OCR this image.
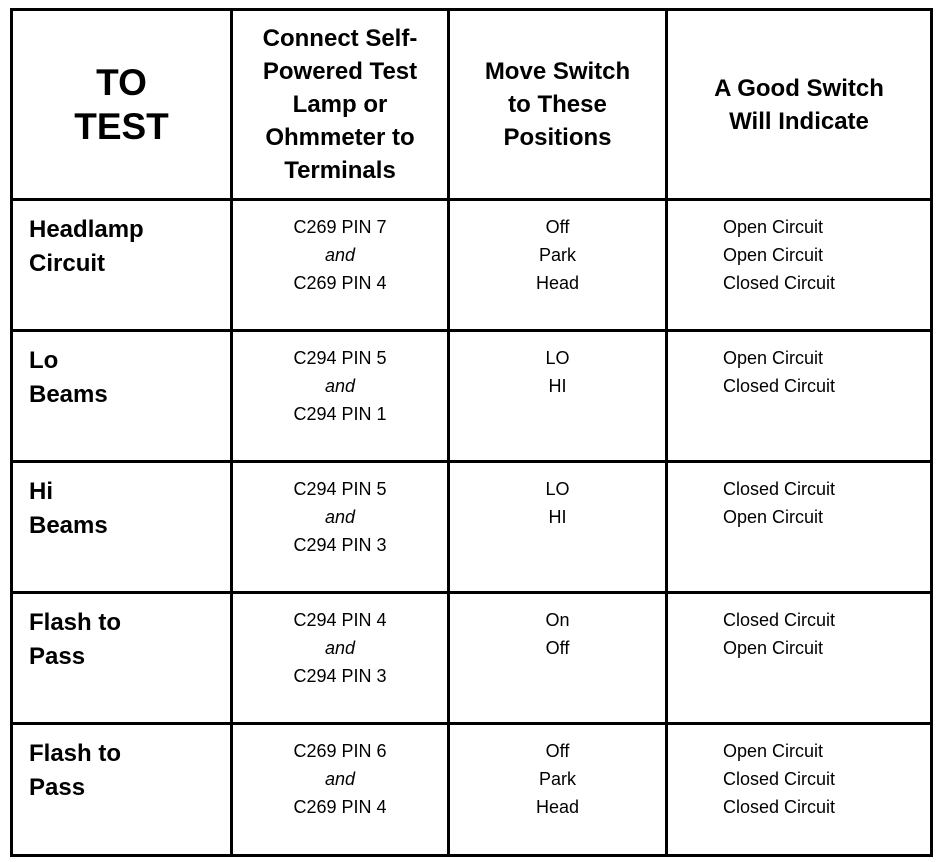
TO
TEST	Connect Self-
Powered Test
Lamp or
Ohmmeter to
Terminals	Move Switch
to These
Positions	A Good Switch
Will Indicate

Headlamp
Circuit	C269 PIN 7
and
C269 PIN 4	Off
Park
Head	Open Circuit
Open Circuit
Closed Circuit

Lo
Beams	C294 PIN 5
and
C294 PIN 1	LO
HI	Open Circuit
Closed Circuit

Hi
Beams	C294 PIN 5
and
C294 PIN 3	LO
HI	Closed Circuit
Open Circuit

Flash to
Pass	C294 PIN 4
and
C294 PIN 3	On
Off	Closed Circuit
Open Circuit

Flash to
Pass	C269 PIN 6
and
C269 PIN 4	Off
Park
Head	Open Circuit
Closed Circuit
Closed Circuit
